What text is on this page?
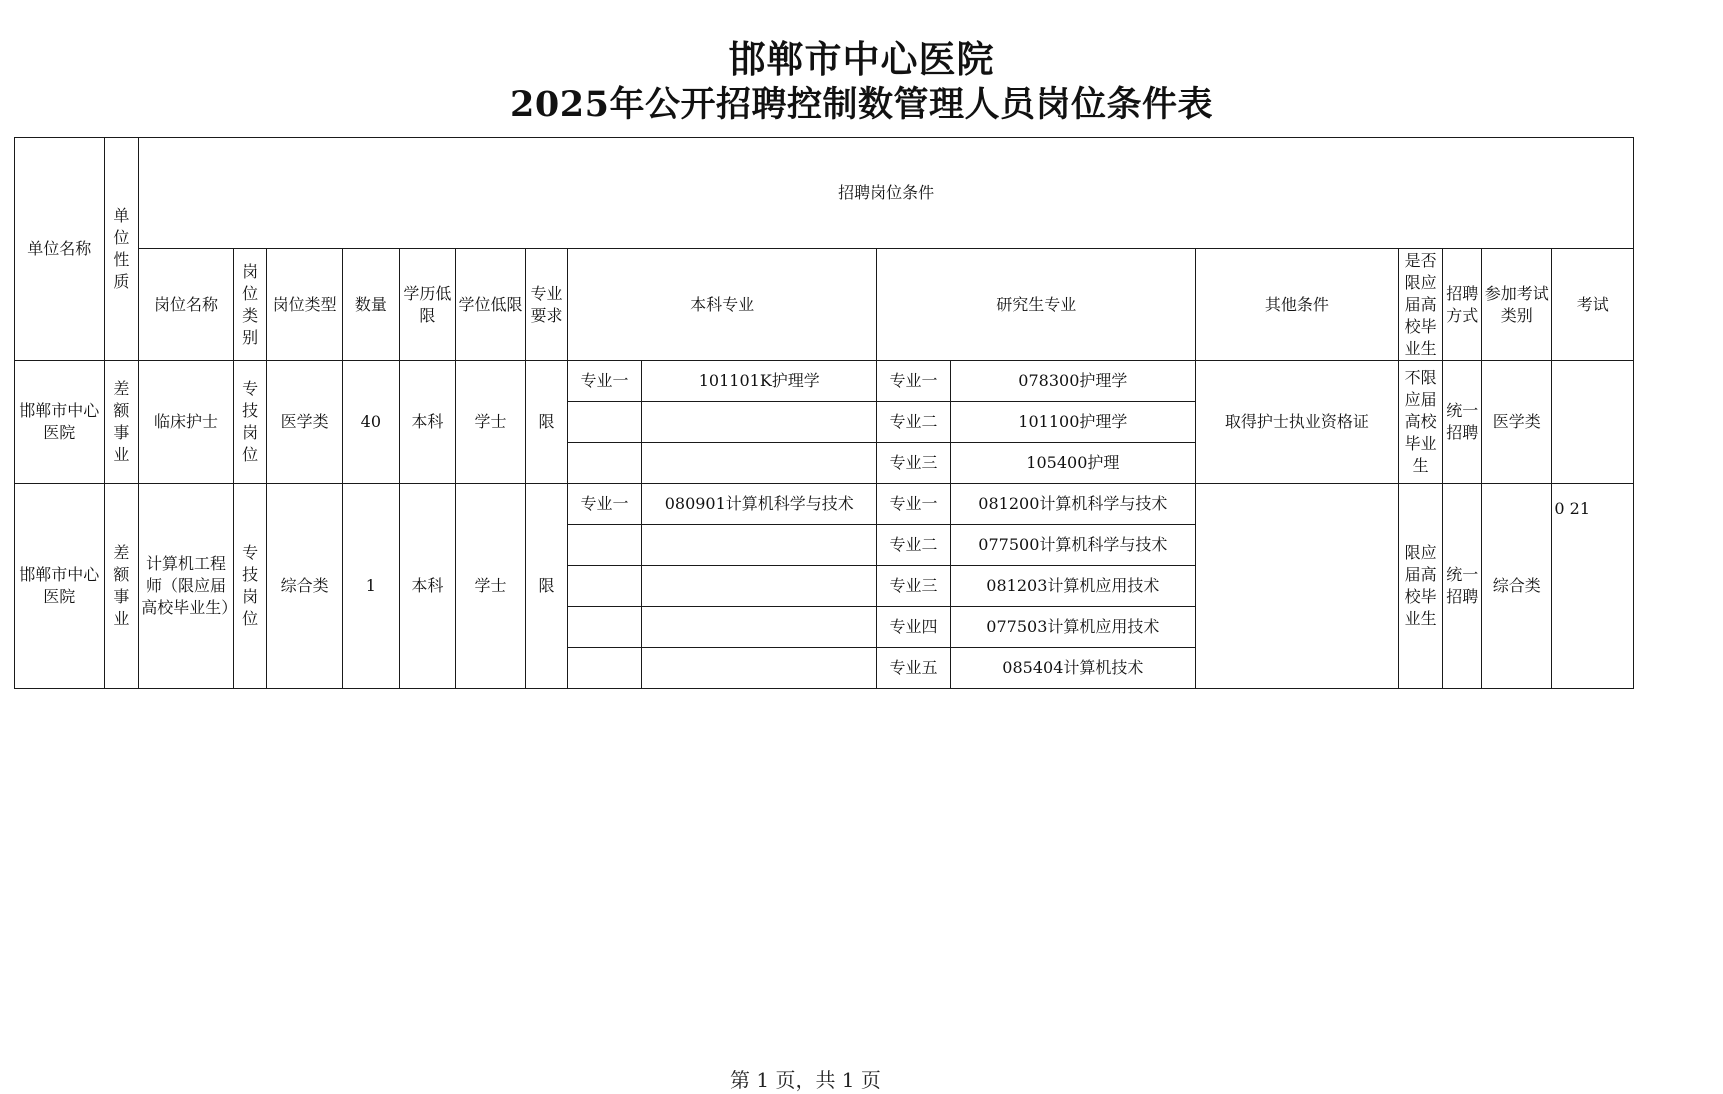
邯郸市中心医院
2025年公开招聘控制数管理人员岗位条件表
单位名称	单位性质	招聘岗位条件															
		岗位名称	岗位类别	岗位类型	数量	学历低限	学位低限	专业要求	本科专业		研究生专业		其他条件	是否限应届高校毕业生	招聘方式	参加考试类别	考试
邯郸市中心医院	差额事业	临床护士	专技岗位	医学类	40	本科	学士	限	专业一	101101K护理学	专业一	078300护理学	取得护士执业资格证	不限应届高校毕业生	统一招聘	医学类	
											专业二	101100护理学					
											专业三	105400护理					
邯郸市中心医院	差额事业	计算机工程师（限应届高校毕业生）	专技岗位	综合类	1	本科	学士	限	专业一	080901计算机科学与技术	专业一	081200计算机科学与技术		限应届高校毕业生	统一招聘	综合类	0 21
											专业二	077500计算机科学与技术					
											专业三	081203计算机应用技术					
											专业四	077503计算机应用技术					
											专业五	085404计算机技术					
第 1 页，共 1 页
